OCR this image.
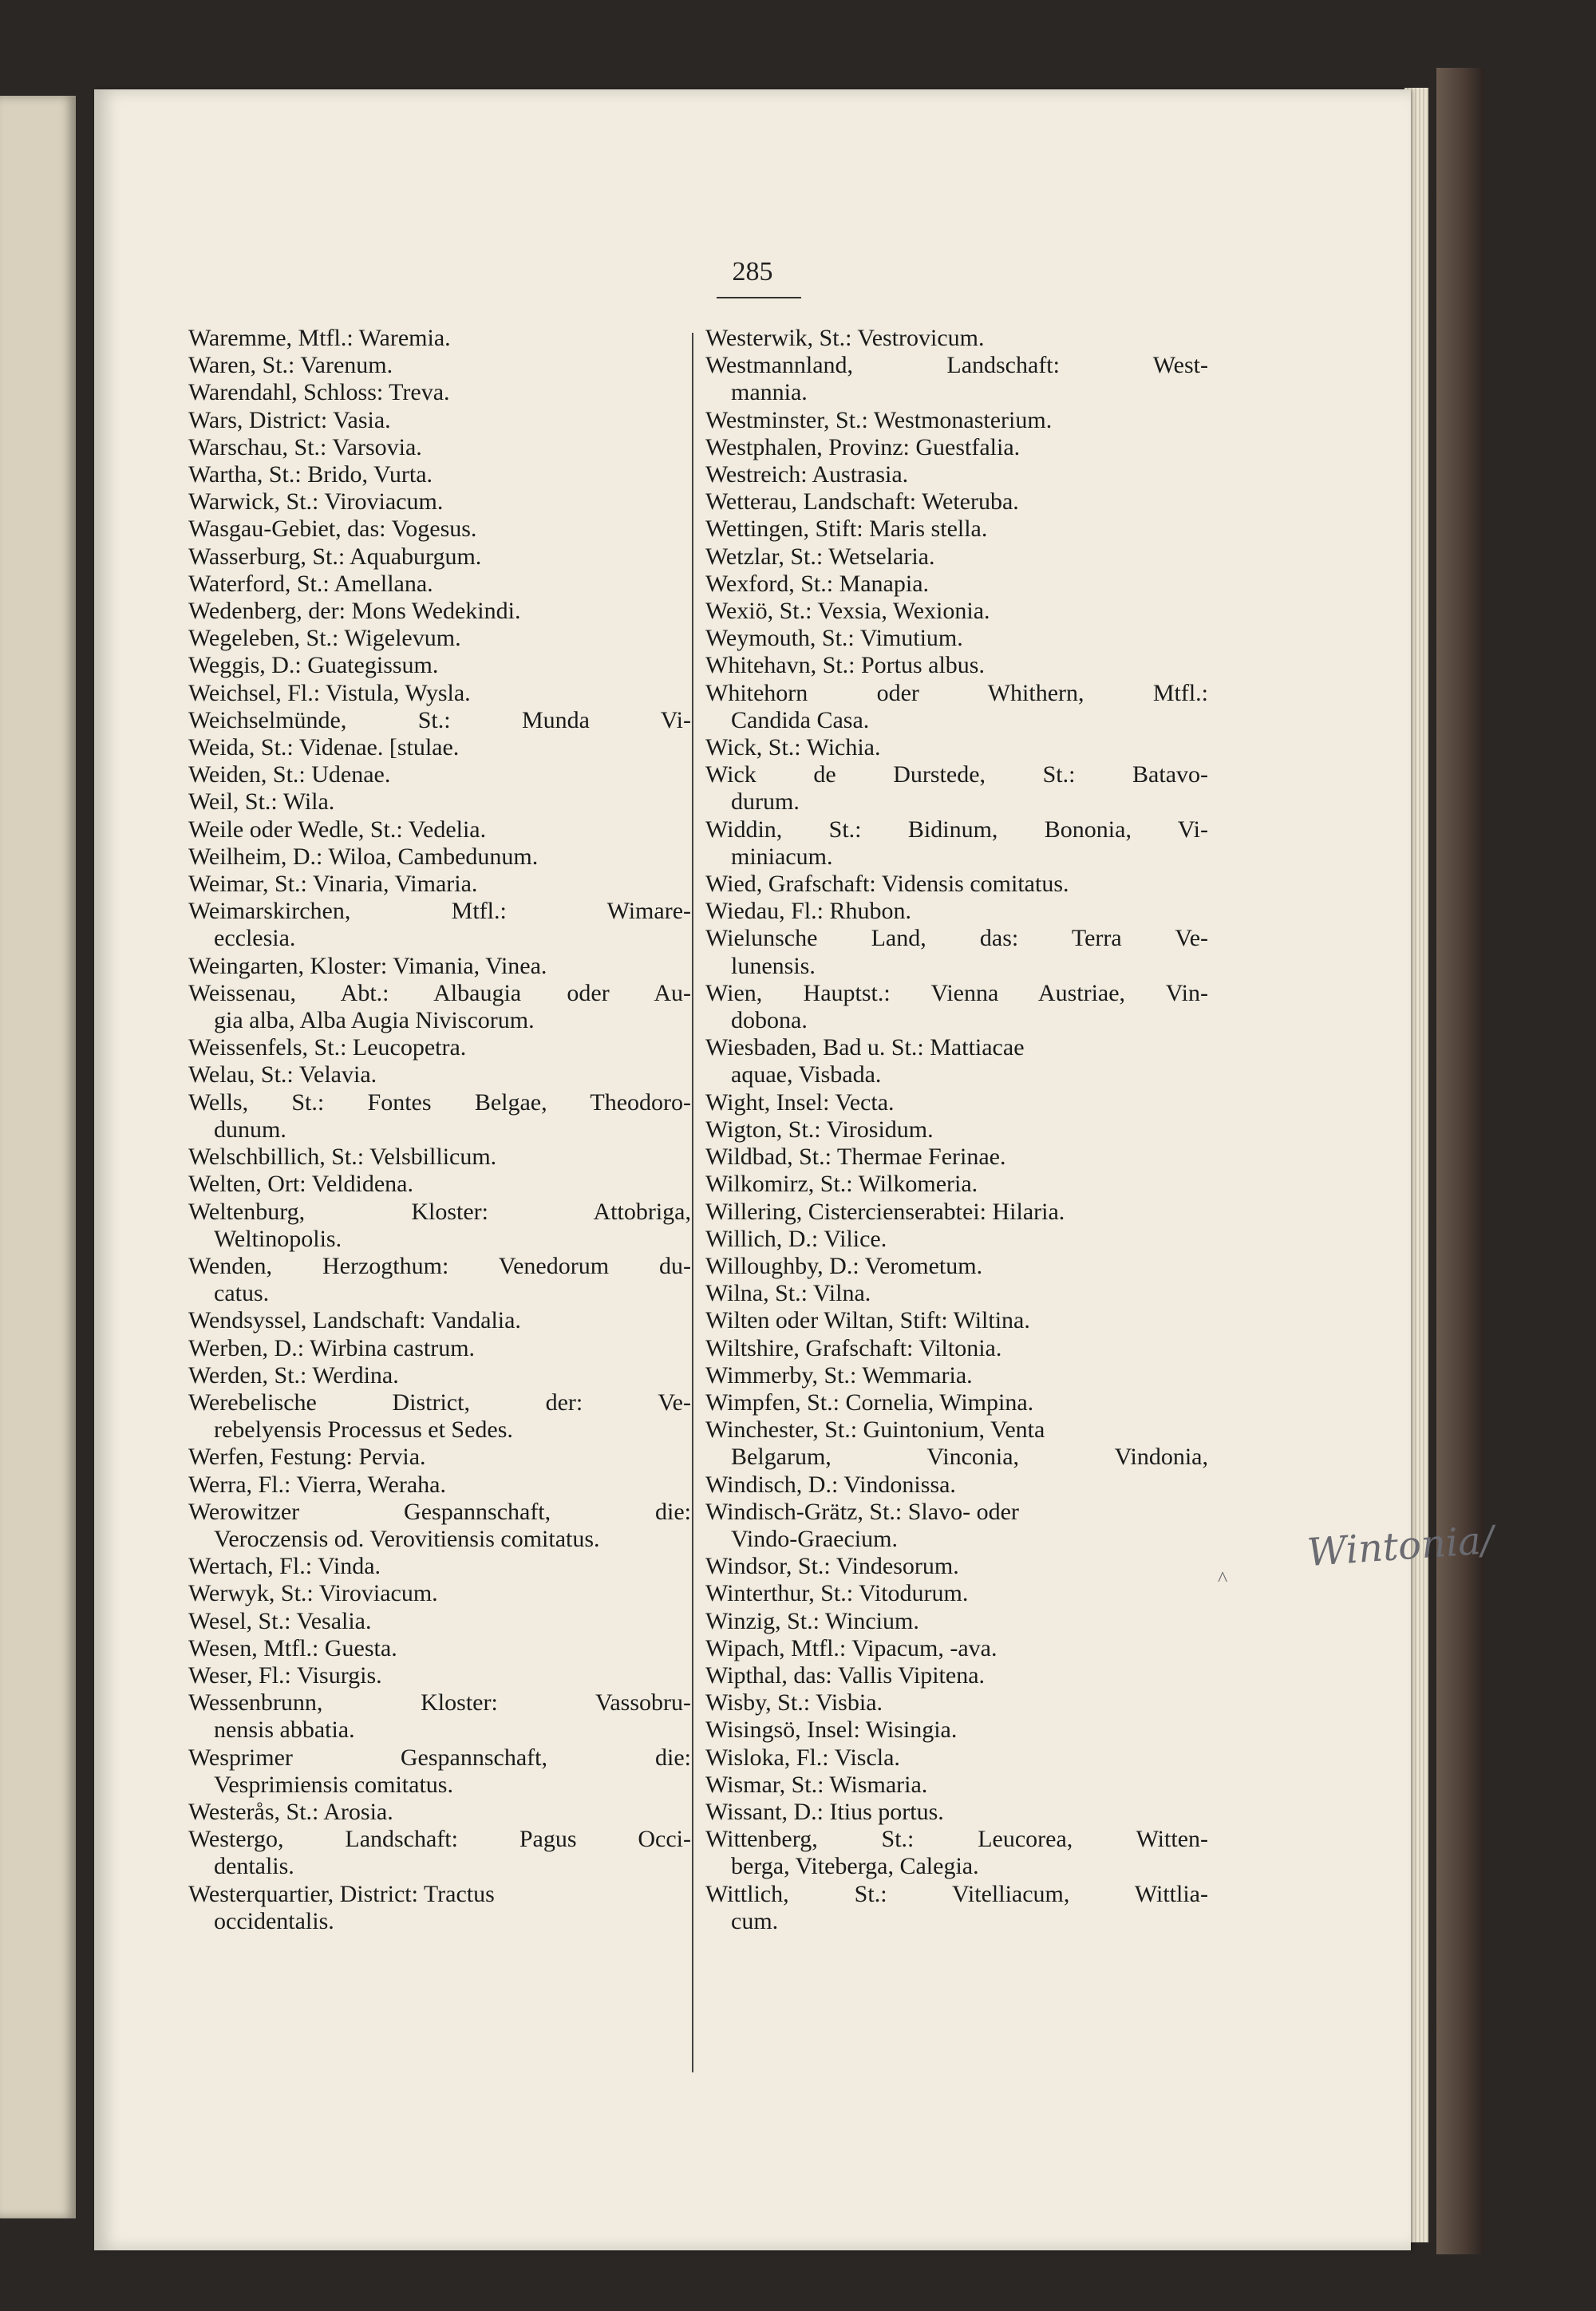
285
Waremme, Mtfl.: Waremia.
Waren, St.: Varenum.
Warendahl, Schloss: Treva.
Wars, District: Vasia.
Warschau, St.: Varsovia.
Wartha, St.: Brido, Vurta.
Warwick, St.: Viroviacum.
Wasgau-Gebiet, das: Vogesus.
Wasserburg, St.: Aquaburgum.
Waterford, St.: Amellana.
Wedenberg, der: Mons Wedekindi.
Wegeleben, St.: Wigelevum.
Weggis, D.: Guategissum.
Weichsel, Fl.: Vistula, Wysla.
Weichselmünde, St.: Munda Vi-
Weida, St.: Videnae. [stulae.
Weiden, St.: Udenae.
Weil, St.: Wila.
Weile oder Wedle, St.: Vedelia.
Weilheim, D.: Wiloa, Cambedunum.
Weimar, St.: Vinaria, Vimaria.
Weimarskirchen, Mtfl.: Wimare-
ecclesia.
Weingarten, Kloster: Vimania, Vinea.
Weissenau, Abt.: Albaugia oder Au-
gia alba, Alba Augia Niviscorum.
Weissenfels, St.: Leucopetra.
Welau, St.: Velavia.
Wells, St.: Fontes Belgae, Theodoro-
dunum.
Welschbillich, St.: Velsbillicum.
Welten, Ort: Veldidena.
Weltenburg, Kloster: Attobriga,
Weltinopolis.
Wenden, Herzogthum: Venedorum du-
catus.
Wendsyssel, Landschaft: Vandalia.
Werben, D.: Wirbina castrum.
Werden, St.: Werdina.
Werebelische District, der: Ve-
rebelyensis Processus et Sedes.
Werfen, Festung: Pervia.
Werra, Fl.: Vierra, Weraha.
Werowitzer Gespannschaft, die:
Veroczensis od. Verovitiensis comitatus.
Wertach, Fl.: Vinda.
Werwyk, St.: Viroviacum.
Wesel, St.: Vesalia.
Wesen, Mtfl.: Guesta.
Weser, Fl.: Visurgis.
Wessenbrunn, Kloster: Vassobru-
nensis abbatia.
Wesprimer Gespannschaft, die:
Vesprimiensis comitatus.
Westerås, St.: Arosia.
Westergo, Landschaft: Pagus Occi-
dentalis.
Westerquartier, District: Tractus
occidentalis.
Westerwik, St.: Vestrovicum.
Westmannland, Landschaft: West-
mannia.
Westminster, St.: Westmonasterium.
Westphalen, Provinz: Guestfalia.
Westreich: Austrasia.
Wetterau, Landschaft: Weteruba.
Wettingen, Stift: Maris stella.
Wetzlar, St.: Wetselaria.
Wexford, St.: Manapia.
Wexiö, St.: Vexsia, Wexionia.
Weymouth, St.: Vimutium.
Whitehavn, St.: Portus albus.
Whitehorn oder Whithern, Mtfl.:
Candida Casa.
Wick, St.: Wichia.
Wick de Durstede, St.: Batavo-
durum.
Widdin, St.: Bidinum, Bononia, Vi-
miniacum.
Wied, Grafschaft: Vidensis comitatus.
Wiedau, Fl.: Rhubon.
Wielunsche Land, das: Terra Ve-
lunensis.
Wien, Hauptst.: Vienna Austriae, Vin-
dobona.
Wiesbaden, Bad u. St.: Mattiacae
aquae, Visbada.
Wight, Insel: Vecta.
Wigton, St.: Virosidum.
Wildbad, St.: Thermae Ferinae.
Wilkomirz, St.: Wilkomeria.
Willering, Cistercienserabtei: Hilaria.
Willich, D.: Vilice.
Willoughby, D.: Verometum.
Wilna, St.: Vilna.
Wilten oder Wiltan, Stift: Wiltina.
Wiltshire, Grafschaft: Viltonia.
Wimmerby, St.: Wemmaria.
Wimpfen, St.: Cornelia, Wimpina.
Winchester, St.: Guintonium, Venta
Belgarum, Vinconia, Vindonia,
Windisch, D.: Vindonissa.
Windisch-Grätz, St.: Slavo- oder
Vindo-Graecium.
Windsor, St.: Vindesorum.
Winterthur, St.: Vitodurum.
Winzig, St.: Wincium.
Wipach, Mtfl.: Vipacum, -ava.
Wipthal, das: Vallis Vipitena.
Wisby, St.: Visbia.
Wisingsö, Insel: Wisingia.
Wisloka, Fl.: Viscla.
Wismar, St.: Wismaria.
Wissant, D.: Itius portus.
Wittenberg, St.: Leucorea, Witten-
berga, Viteberga, Calegia.
Wittlich, St.: Vitelliacum, Wittlia-
cum.
^
Wintonia/
